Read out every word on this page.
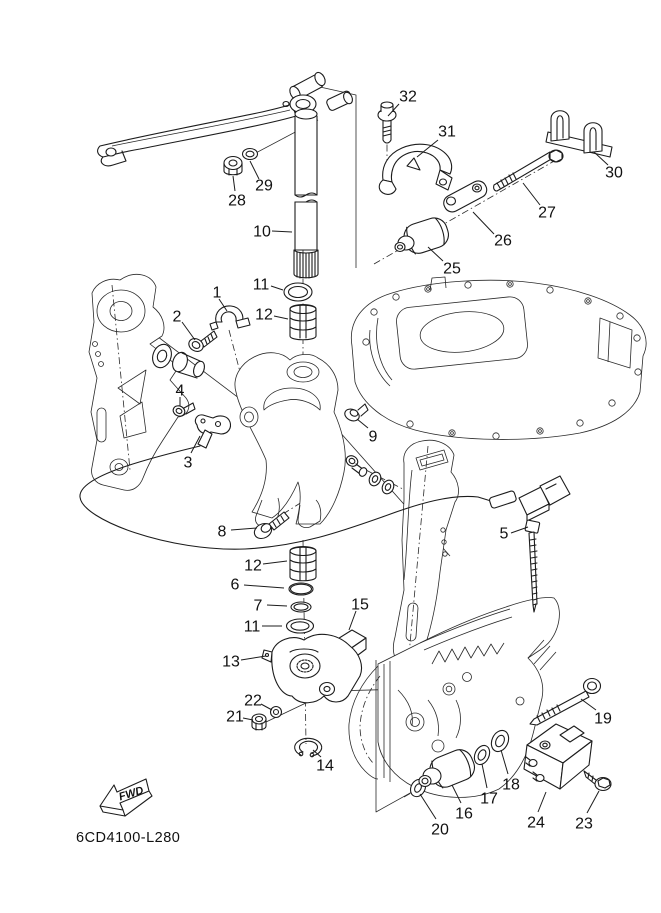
FWD
6CD4100-L280
32
31
30
27
26
25
29
28
10
11
12
1
2
4
3
9
8	5
12
6
7
11
15
13
22
21
14
20
16
17
18
24 23
19
